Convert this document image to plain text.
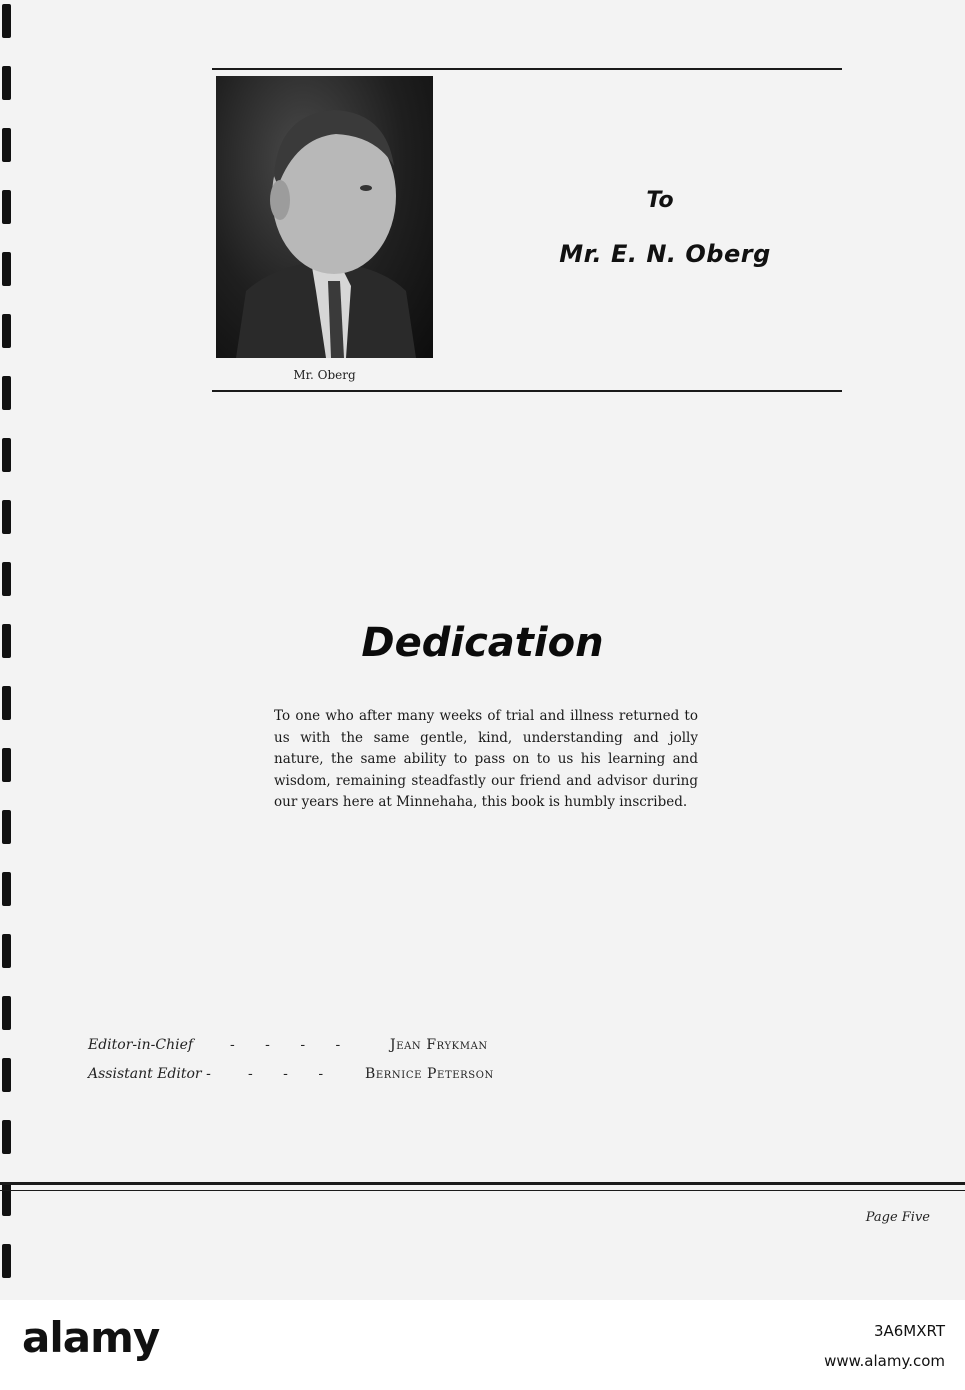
Mr. Oberg
To
Mr. E. N. Oberg
Dedication
To one who after many weeks of trial and illness returned to us with the same gentle, kind, understanding and jolly nature, the same ability to pass on to us his learning and wisdom, remaining steadfastly our friend and advisor during our years here at Minnehaha, this book is humbly inscribed.
Editor-in-Chief	- - - -	Jean Frykman
Assistant Editor -	- - -	Bernice Peterson
Page Five
alamy	3A6MXRT
www.alamy.com
